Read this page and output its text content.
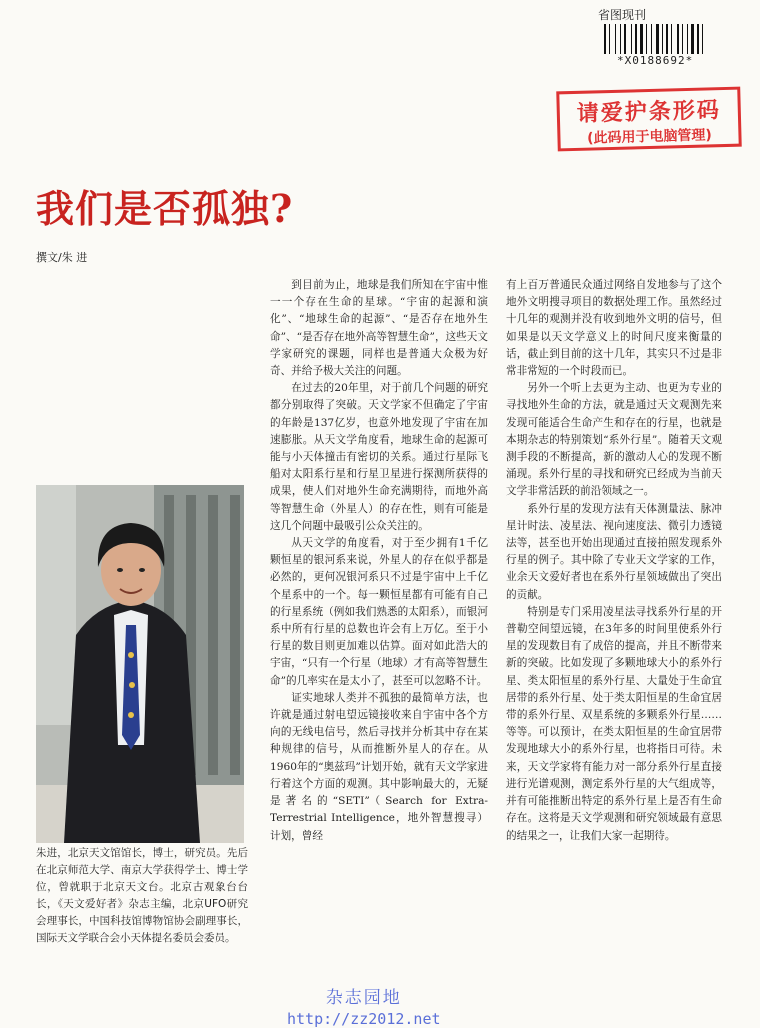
省图现刊
*X0188692*
请爱护条形码
(此码用于电脑管理)
我们是否孤独?
撰文/朱 进
朱进，北京天文馆馆长，博士，研究员。先后在北京师范大学、南京大学获得学士、博士学位，曾就职于北京天文台。北京古观象台台长，《天文爱好者》杂志主编，北京UFO研究会理事长，中国科技馆博物馆协会副理事长，国际天文学联合会小天体提名委员会委员。

到目前为止，地球是我们所知在宇宙中惟一一个存在生命的星球。“宇宙的起源和演化”、“地球生命的起源”、“是否存在地外生命”、“是否存在地外高等智慧生命”，这些天文学家研究的课题，同样也是普通大众极为好奇、并给予极大关注的问题。

在过去的20年里，对于前几个问题的研究都分别取得了突破。天文学家不但确定了宇宙的年龄是137亿岁，也意外地发现了宇宙在加速膨胀。从天文学角度看，地球生命的起源可能与小天体撞击有密切的关系。通过行星际飞船对太阳系行星和行星卫星进行探测所获得的成果，使人们对地外生命充满期待，而地外高等智慧生命（外星人）的存在性，则有可能是这几个问题中最吸引公众关注的。

从天文学的角度看，对于至少拥有1千亿颗恒星的银河系来说，外星人的存在似乎都是必然的，更何况银河系只不过是宇宙中上千亿个星系中的一个。每一颗恒星都有可能有自己的行星系统（例如我们熟悉的太阳系），而银河系中所有行星的总数也许会有上万亿。至于小行星的数目则更加难以估算。面对如此浩大的宇宙，“只有一个行星（地球）才有高等智慧生命”的几率实在是太小了，甚至可以忽略不计。

证实地球人类并不孤独的最简单方法，也许就是通过射电望远镜接收来自宇宙中各个方向的无线电信号，然后寻找并分析其中存在某种规律的信号，从而推断外星人的存在。从1960年的“奥兹玛”计划开始，就有天文学家进行着这个方面的观测。其中影响最大的，无疑是著名的“SETI”（Search for Extra-Terrestrial Intelligence，地外智慧搜寻）计划，曾经

有上百万普通民众通过网络自发地参与了这个地外文明搜寻项目的数据处理工作。虽然经过十几年的观测并没有收到地外文明的信号，但如果是以天文学意义上的时间尺度来衡量的话，截止到目前的这十几年，其实只不过是非常非常短的一个时段而已。

另外一个听上去更为主动、也更为专业的寻找地外生命的方法，就是通过天文观测先来发现可能适合生命产生和存在的行星，也就是本期杂志的特别策划“系外行星”。随着天文观测手段的不断提高，新的激动人心的发现不断涌现。系外行星的寻找和研究已经成为当前天文学非常活跃的前沿领域之一。

系外行星的发现方法有天体测量法、脉冲星计时法、凌星法、视向速度法、微引力透镜法等，甚至也开始出现通过直接拍照发现系外行星的例子。其中除了专业天文学家的工作，业余天文爱好者也在系外行星领域做出了突出的贡献。

特别是专门采用凌星法寻找系外行星的开普勒空间望远镜，在3年多的时间里使系外行星的发现数目有了成倍的提高，并且不断带来新的突破。比如发现了多颗地球大小的系外行星、类太阳恒星的系外行星、大量处于生命宜居带的系外行星、处于类太阳恒星的生命宜居带的系外行星、双星系统的多颗系外行星……等等。可以预计，在类太阳恒星的生命宜居带发现地球大小的系外行星，也将指日可待。未来，天文学家将有能力对一部分系外行星直接进行光谱观测，测定系外行星的大气组成等，并有可能推断出特定的系外行星上是否有生命存在。这将是天文学观测和研究领域最有意思的结果之一，让我们大家一起期待。

杂志园地
http://zz2012.net
